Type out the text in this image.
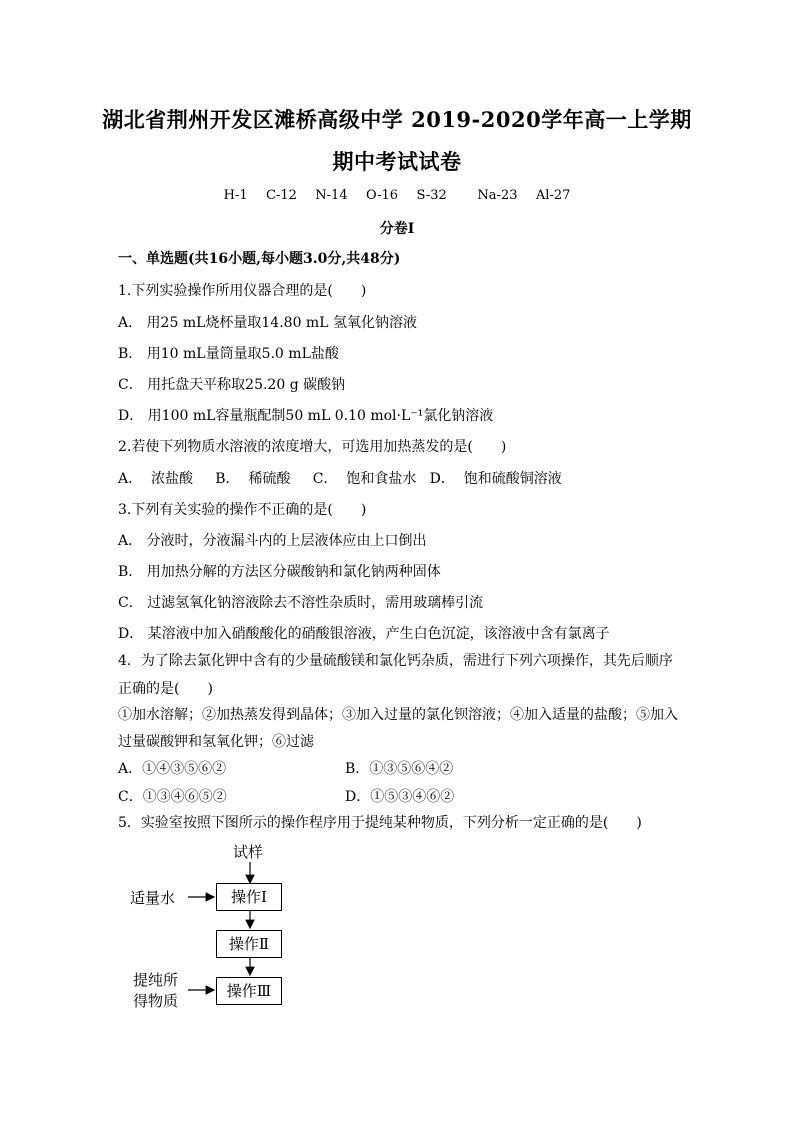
湖北省荆州开发区滩桥高级中学 2019-2020学年高一上学期
期中考试试卷
H-1   C-12   N-14   O-16   S-32     Na-23   Al-27
分卷I
一、单选题(共16小题,每小题3.0分,共48分)
1.下列实验操作所用仪器合理的是(　　)
A． 用25 mL烧杯量取14.80 mL 氢氧化钠溶液
B． 用10 mL量筒量取5.0 mL盐酸
C． 用托盘天平称取25.20 g 碳酸钠
D． 用100 mL容量瓶配制50 mL 0.10 mol·L⁻¹氯化钠溶液
2.若使下列物质水溶液的浓度增大，可选用加热蒸发的是(　　)
A．  浓盐酸     B．  稀硫酸     C．  饱和食盐水   D．  饱和硫酸铜溶液
3.下列有关实验的操作不正确的是(　　)
A． 分液时，分液漏斗内的上层液体应由上口倒出
B． 用加热分解的方法区分碳酸钠和氯化钠两种固体
C． 过滤氢氧化钠溶液除去不溶性杂质时，需用玻璃棒引流
D． 某溶液中加入硝酸酸化的硝酸银溶液，产生白色沉淀，该溶液中含有氯离子
4．为了除去氯化钾中含有的少量硫酸镁和氯化钙杂质，需进行下列六项操作，其先后顺序
正确的是(　　)
①加水溶解；②加热蒸发得到晶体；③加入过量的氯化钡溶液；④加入适量的盐酸；⑤加入
过量碳酸钾和氢氧化钾；⑥过滤
A．①④③⑤⑥②	B．①③⑤⑥④②
C．①③④⑥⑤②	D．①⑤③④⑥②
5．实验室按照下图所示的操作程序用于提纯某种物质，下列分析一定正确的是(　　)
试样
适量水	操作Ⅰ
操作Ⅱ
操作Ⅲ
提纯所
得物质
